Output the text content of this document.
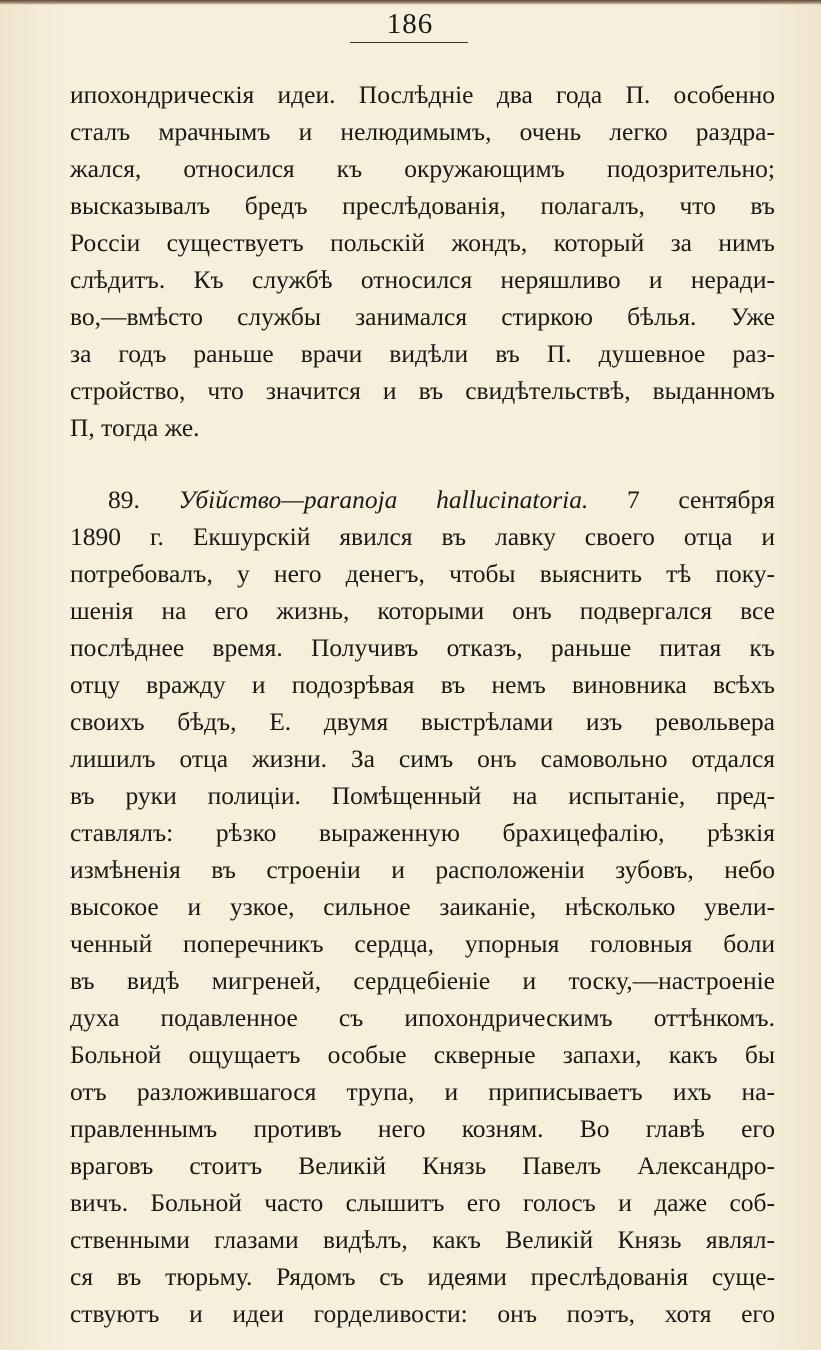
186
ипохондрическія идеи. Послѣдніе два года П. особенно
сталъ мрачнымъ и нелюдимымъ, очень легко раздра-
жался, относился къ окружающимъ подозрительно;
высказывалъ бредъ преслѣдованія, полагалъ, что въ
Россіи существуетъ польскій жондъ, который за нимъ
слѣдитъ. Къ службѣ относился неряшливо и неради-
во,—вмѣсто службы занимался стиркою бѣлья. Уже
за годъ раньше врачи видѣли въ П. душевное раз-
стройство, что значится и въ свидѣтельствѣ, выданномъ
П, тогда же.
89. Убійство—paranoja hallucinatoria. 7 сентября
1890 г. Екшурскій явился въ лавку своего отца и
потребовалъ, у него денегъ, чтобы выяснить тѣ поку-
шенія на его жизнь, которыми онъ подвергался все
послѣднее время. Получивъ отказъ, раньше питая къ
отцу вражду и подозрѣвая въ немъ виновника всѣхъ
своихъ бѣдъ, Е. двумя выстрѣлами изъ револьвера
лишилъ отца жизни. За симъ онъ самовольно отдался
въ руки полиціи. Помѣщенный на испытаніе, пред-
ставлялъ: рѣзко выраженную брахицефалію, рѣзкія
измѣненія въ строеніи и расположеніи зубовъ, небо
высокое и узкое, сильное заиканіе, нѣсколько увели-
ченный поперечникъ сердца, упорныя головныя боли
въ видѣ мигреней, сердцебіеніе и тоску,—настроеніе
духа подавленное съ ипохондрическимъ оттѣнкомъ.
Больной ощущаетъ особые скверные запахи, какъ бы
отъ разложившагося трупа, и приписываетъ ихъ на-
правленнымъ противъ него козням. Во главѣ его
враговъ стоитъ Великій Князь Павелъ Александро-
вичъ. Больной часто слышитъ его голосъ и даже соб-
ственными глазами видѣлъ, какъ Великій Князь являл-
ся въ тюрьму. Рядомъ съ идеями преслѣдованія суще-
ствуютъ и идеи горделивости: онъ поэтъ, хотя его
